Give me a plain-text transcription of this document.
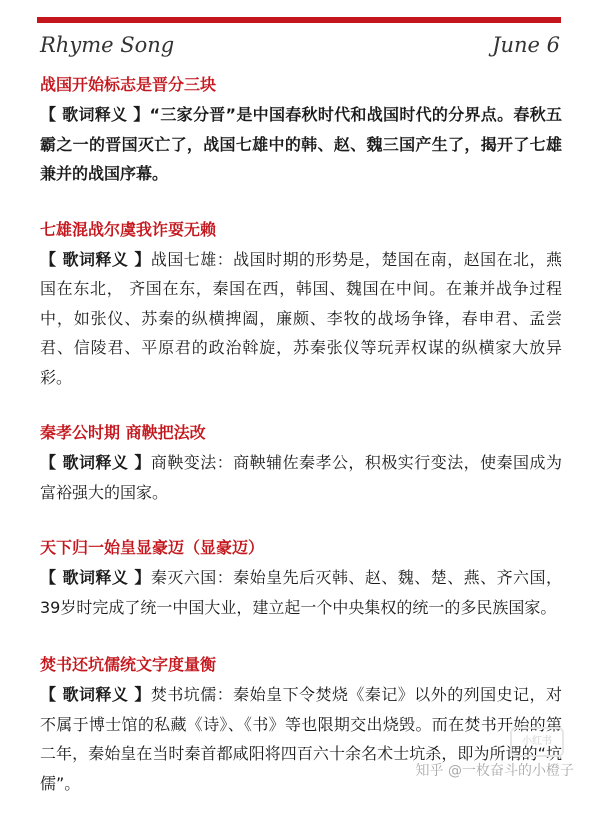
Rhyme Song	June 6
战国开始标志是晋分三块
【 歌词释义 】“三家分晋”是中国春秋时代和战国时代的分界点。春秋五霸之一的晋国灭亡了，战国七雄中的韩、赵、魏三国产生了，揭开了七雄兼并的战国序幕。
七雄混战尔虞我诈耍无赖
【 歌词释义 】战国七雄：战国时期的形势是，楚国在南，赵国在北，燕国在东北， 齐国在东，秦国在西，韩国、魏国在中间。在兼并战争过程中，如张仪、苏秦的纵横捭阖，廉颇、李牧的战场争锋，春申君、孟尝君、信陵君、平原君的政治斡旋，苏秦张仪等玩弄权谋的纵横家大放异彩。
秦孝公时期 商鞅把法改
【 歌词释义 】商鞅变法：商鞅辅佐秦孝公，积极实行变法，使秦国成为富裕强大的国家。
天下归一始皇显豪迈（显豪迈）
【 歌词释义 】秦灭六国：秦始皇先后灭韩、赵、魏、楚、燕、齐六国，39岁时完成了统一中国大业，建立起一个中央集权的统一的多民族国家。
焚书还坑儒统文字度量衡
【 歌词释义 】焚书坑儒：秦始皇下令焚烧《秦记》以外的列国史记，对不属于博士馆的私藏《诗》、《书》等也限期交出烧毁。而在焚书开始的第二年，秦始皇在当时秦首都咸阳将四百六十余名术士坑杀，即为所谓的“坑儒”。
小红书
知乎 @一枚奋斗的小橙子
